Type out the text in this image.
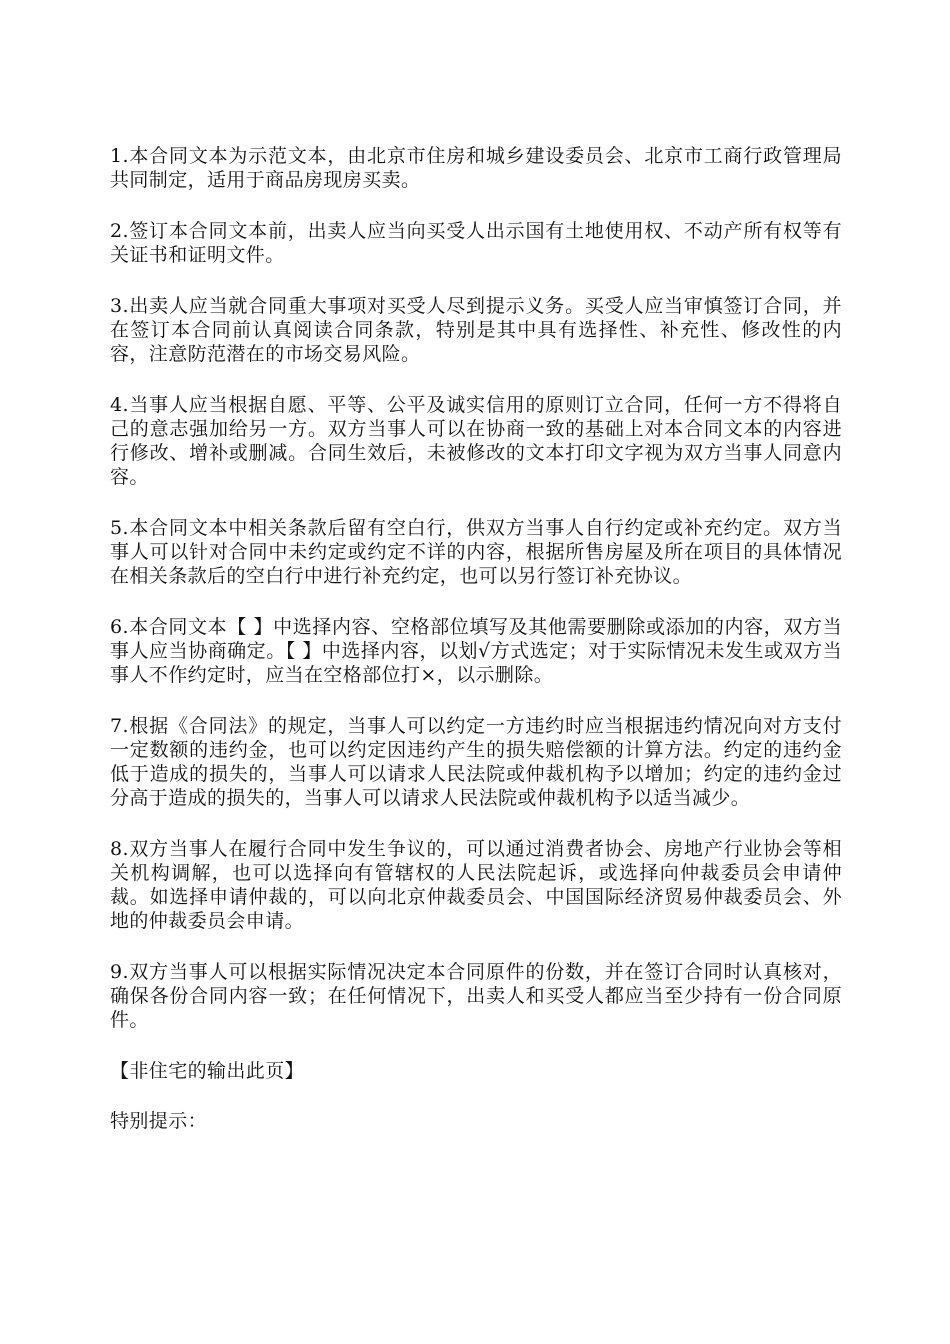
1.本合同文本为示范文本，由北京市住房和城乡建设委员会、北京市工商行政管理局共同制定，适用于商品房现房买卖。

2.签订本合同文本前，出卖人应当向买受人出示国有土地使用权、不动产所有权等有关证书和证明文件。

3.出卖人应当就合同重大事项对买受人尽到提示义务。买受人应当审慎签订合同，并在签订本合同前认真阅读合同条款，特别是其中具有选择性、补充性、修改性的内容，注意防范潜在的市场交易风险。

4.当事人应当根据自愿、平等、公平及诚实信用的原则订立合同，任何一方不得将自己的意志强加给另一方。双方当事人可以在协商一致的基础上对本合同文本的内容进行修改、增补或删减。合同生效后，未被修改的文本打印文字视为双方当事人同意内容。

5.本合同文本中相关条款后留有空白行，供双方当事人自行约定或补充约定。双方当事人可以针对合同中未约定或约定不详的内容，根据所售房屋及所在项目的具体情况在相关条款后的空白行中进行补充约定，也可以另行签订补充协议。

6.本合同文本【 】中选择内容、空格部位填写及其他需要删除或添加的内容，双方当事人应当协商确定。【 】中选择内容，以划√方式选定；对于实际情况未发生或双方当事人不作约定时，应当在空格部位打×，以示删除。

7.根据《合同法》的规定，当事人可以约定一方违约时应当根据违约情况向对方支付一定数额的违约金，也可以约定因违约产生的损失赔偿额的计算方法。约定的违约金低于造成的损失的，当事人可以请求人民法院或仲裁机构予以增加；约定的违约金过分高于造成的损失的，当事人可以请求人民法院或仲裁机构予以适当减少。

8.双方当事人在履行合同中发生争议的，可以通过消费者协会、房地产行业协会等相关机构调解，也可以选择向有管辖权的人民法院起诉，或选择向仲裁委员会申请仲裁。如选择申请仲裁的，可以向北京仲裁委员会、中国国际经济贸易仲裁委员会、外地的仲裁委员会申请。

9.双方当事人可以根据实际情况决定本合同原件的份数，并在签订合同时认真核对，确保各份合同内容一致；在任何情况下，出卖人和买受人都应当至少持有一份合同原件。

【非住宅的输出此页】

特别提示：
